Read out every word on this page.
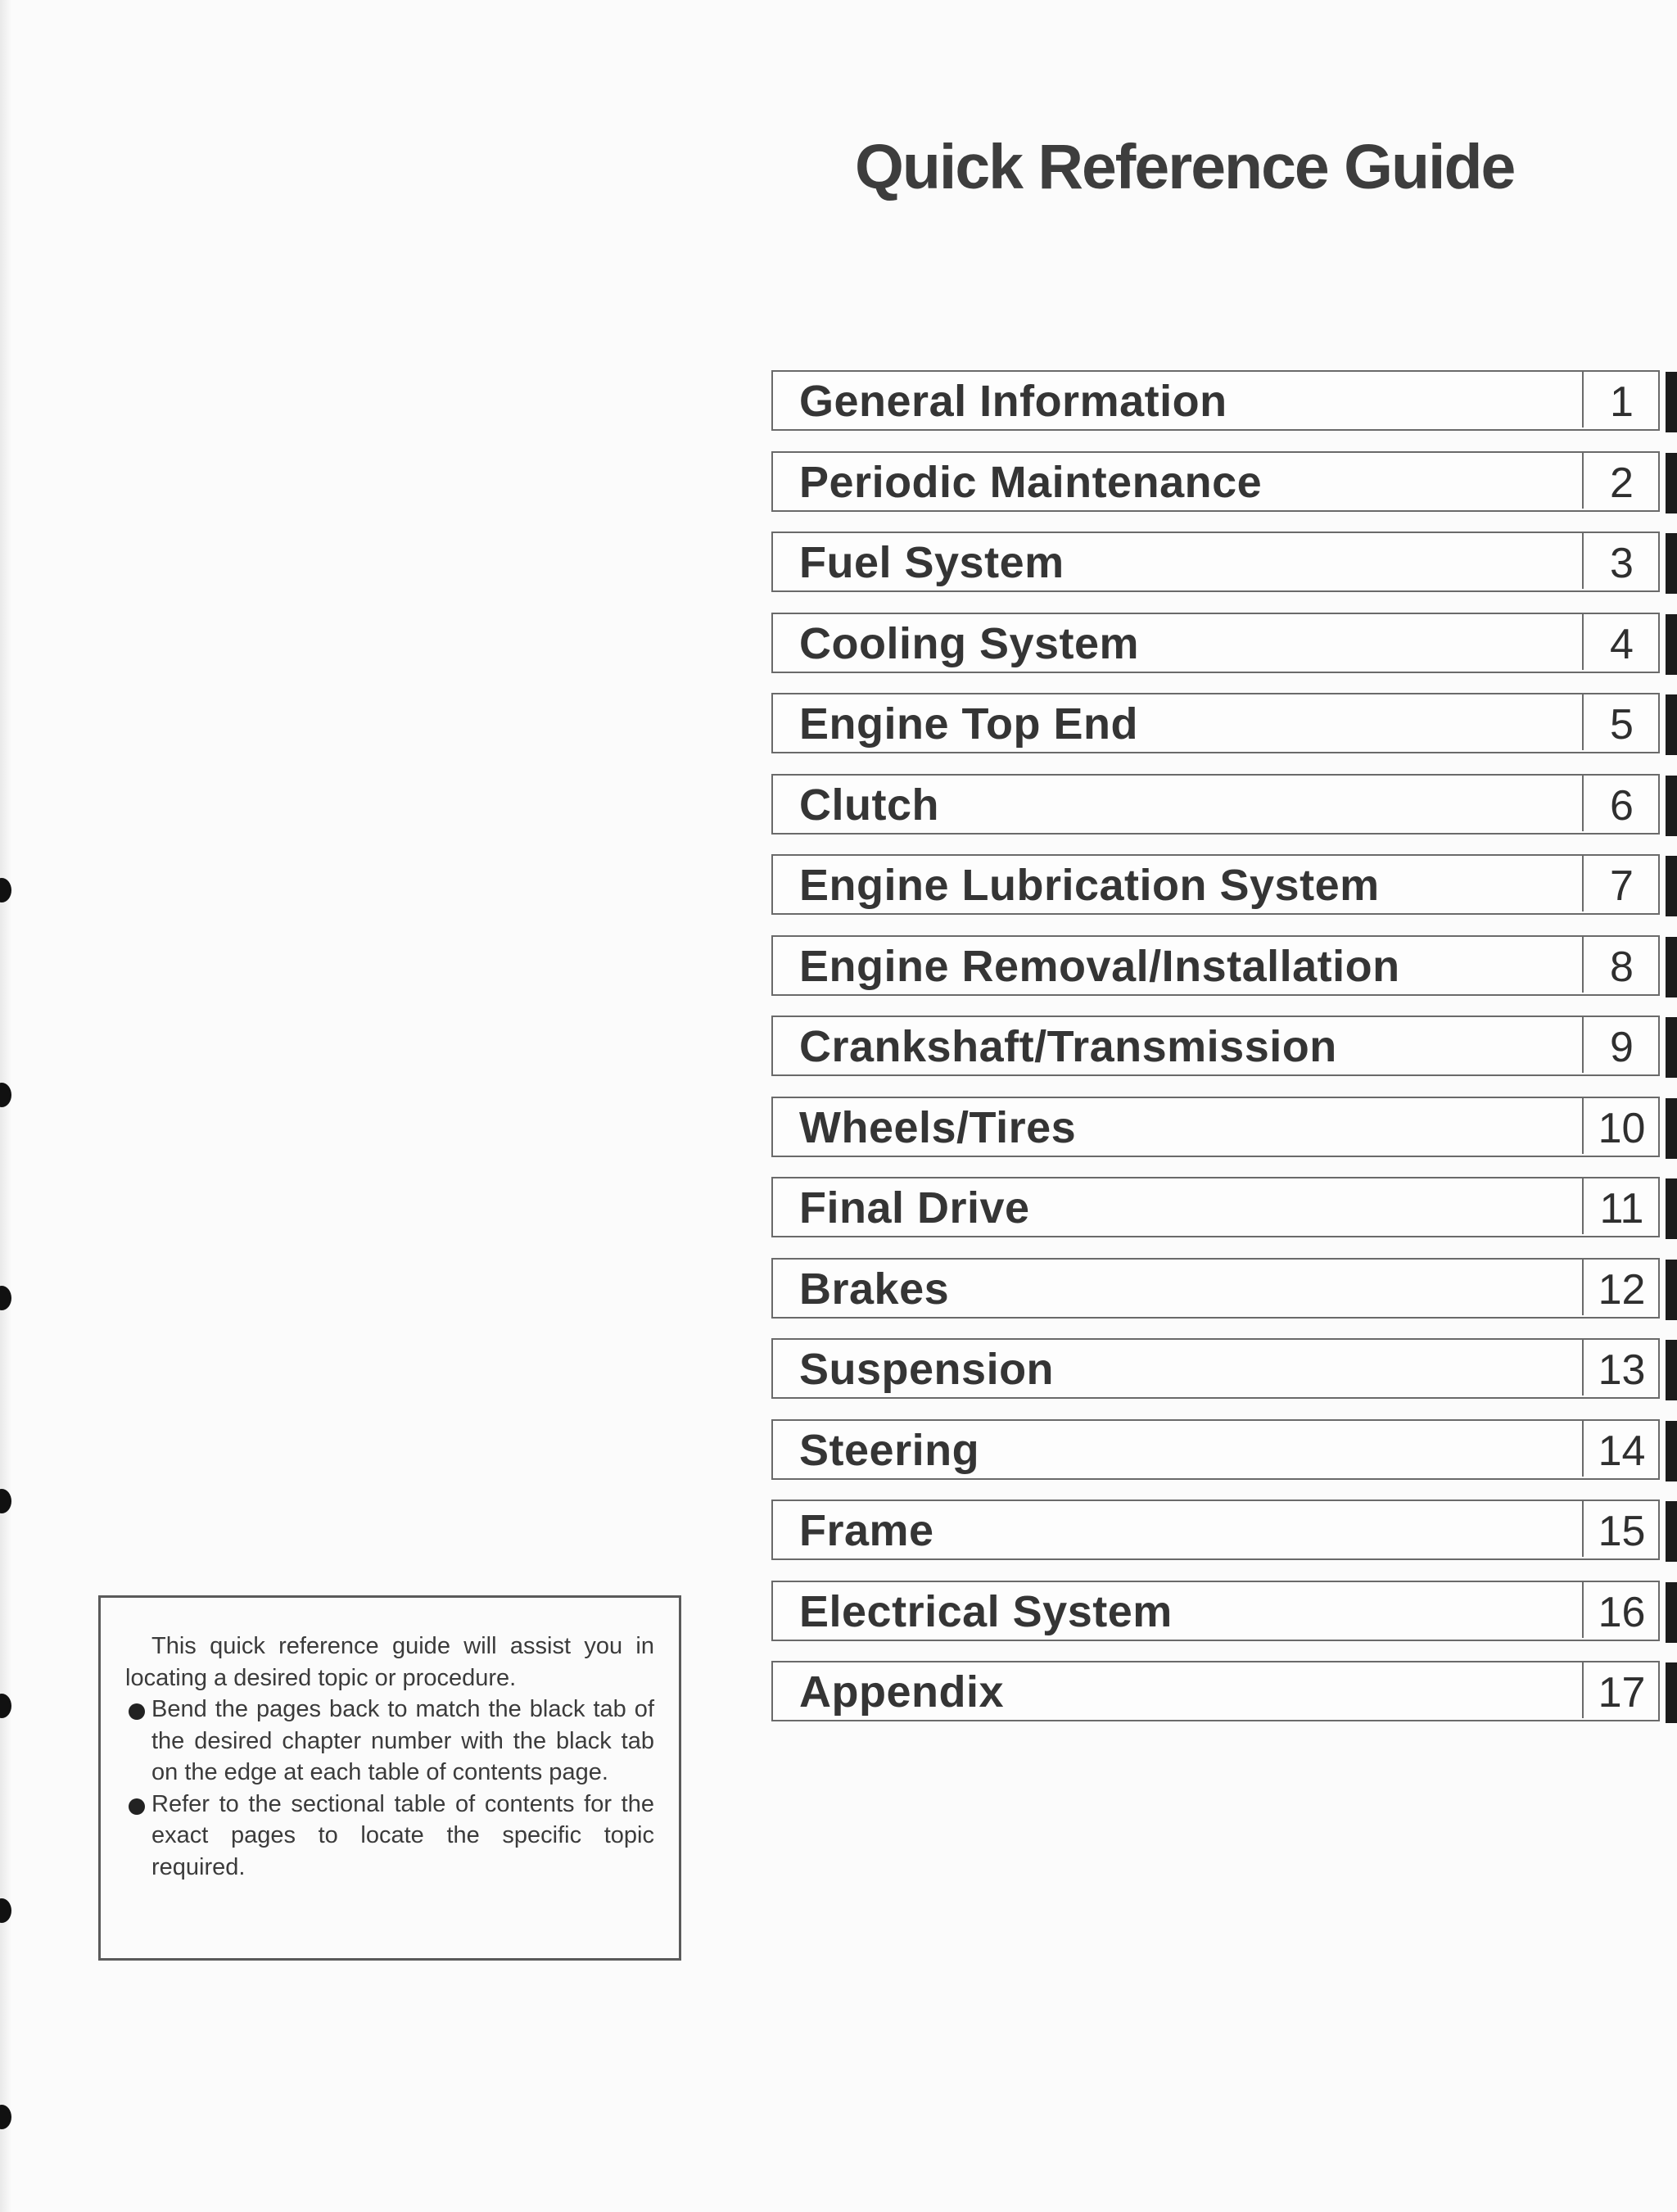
Quick Reference Guide
General Information	1
Periodic Maintenance	2
Fuel System	3
Cooling System	4
Engine Top End	5
Clutch	6
Engine Lubrication System	7
Engine Removal/Installation	8
Crankshaft/Transmission	9
Wheels/Tires	10
Final Drive	11
Brakes	12
Suspension	13
Steering	14
Frame	15
Electrical System	16
Appendix	17

This quick reference guide will assist you in locating a desired topic or procedure.

Bend the pages back to match the black tab of the desired chapter number with the black tab on the edge at each table of contents page.

Refer to the sectional table of contents for the exact pages to locate the specific topic required.
